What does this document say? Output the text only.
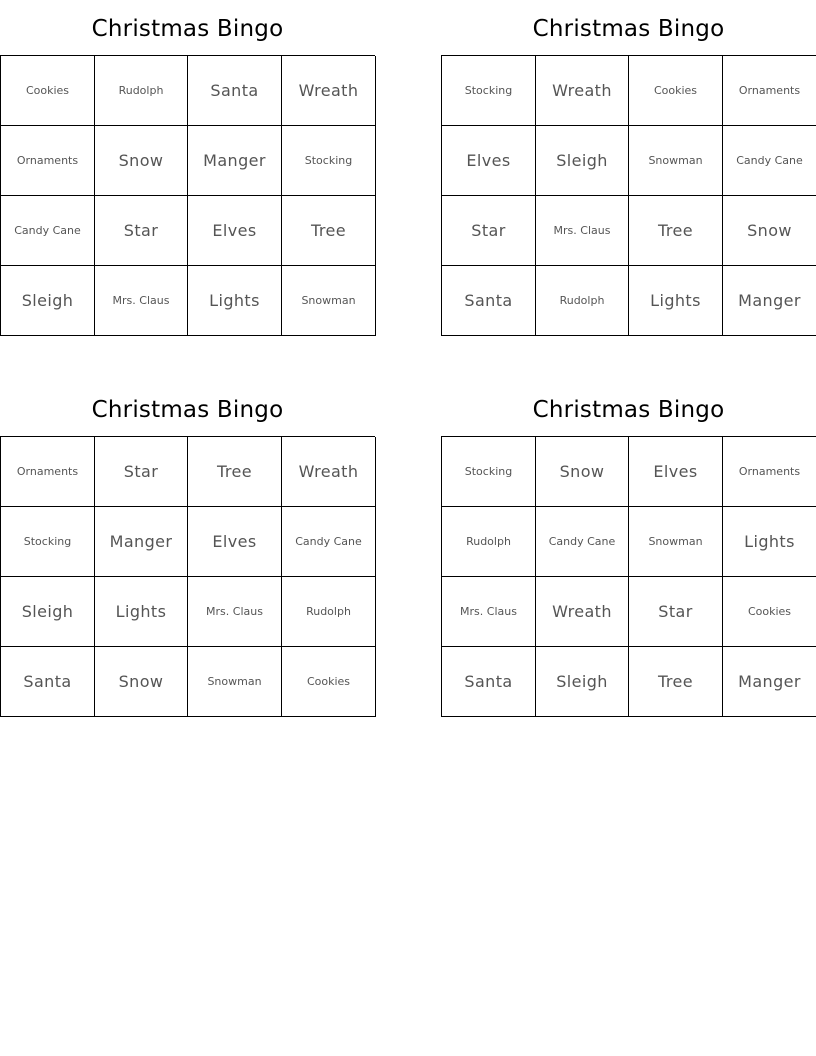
Christmas Bingo
Cookies	Rudolph	Santa	Wreath
Ornaments	Snow	Manger	Stocking
Candy Cane	Star	Elves	Tree
Sleigh	Mrs. Claus	Lights	Snowman
Christmas Bingo
Stocking	Wreath	Cookies	Ornaments
Elves	Sleigh	Snowman	Candy Cane
Star	Mrs. Claus	Tree	Snow
Santa	Rudolph	Lights	Manger
Christmas Bingo
Ornaments	Star	Tree	Wreath
Stocking	Manger	Elves	Candy Cane
Sleigh	Lights	Mrs. Claus	Rudolph
Santa	Snow	Snowman	Cookies
Christmas Bingo
Stocking	Snow	Elves	Ornaments
Rudolph	Candy Cane	Snowman	Lights
Mrs. Claus	Wreath	Star	Cookies
Santa	Sleigh	Tree	Manger
